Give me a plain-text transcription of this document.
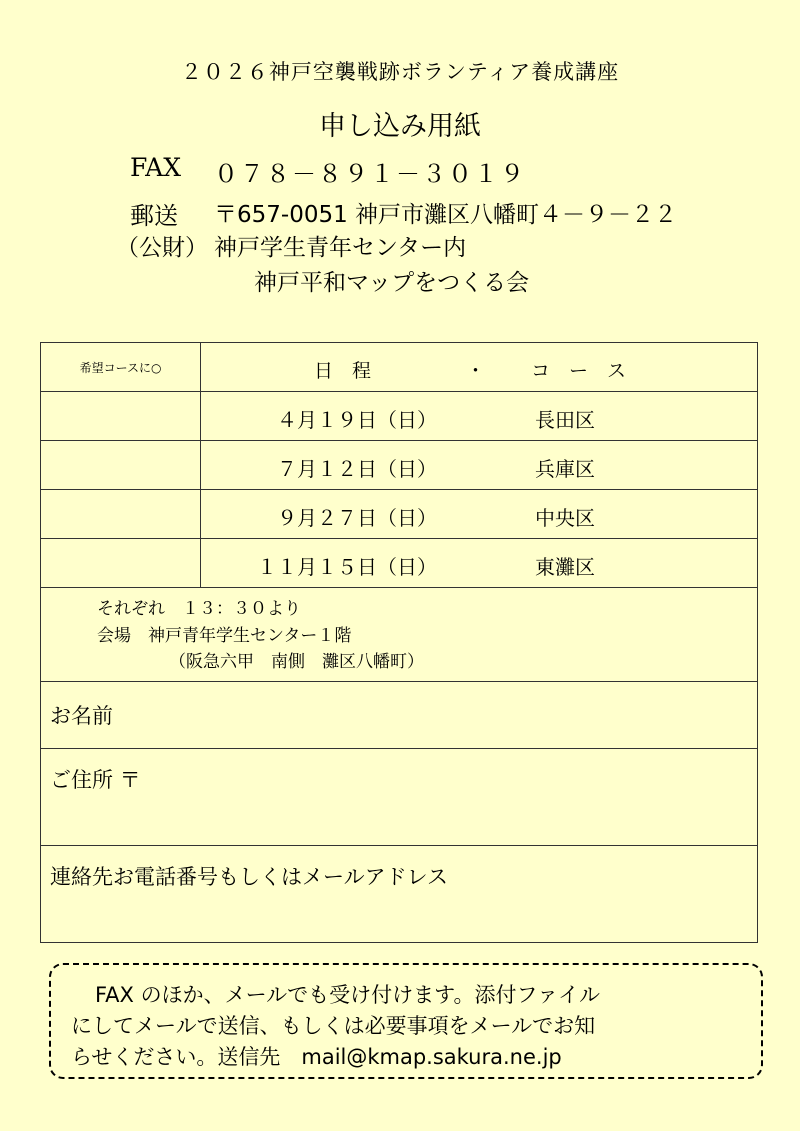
２０２６神戸空襲戦跡ボランティア養成講座
申し込み用紙
FAX ０７８－８９１－３０１９
郵送 〒657-0051 神戸市灘区八幡町４－９－２２
（公財） 神戸学生青年センター内
神戸平和マップをつくる会
希望コースに○	日　程 ・ コ　ー　ス

	４月１９日（日） 長田区

	７月１２日（日） 兵庫区

	９月２７日（日） 中央区

	１１月１５日（日） 東灘区

それぞれ　１３：３０より
会場　神戸青年学生センター１階
（阪急六甲　南側　灘区八幡町）	

お名前	

ご住所 〒	

連絡先お電話番号もしくはメールアドレス	
FAX のほか、メールでも受け付けます。添付ファイル
にしてメールで送信、もしくは必要事項をメールでお知
らせください。送信先　mail@kmap.sakura.ne.jp
